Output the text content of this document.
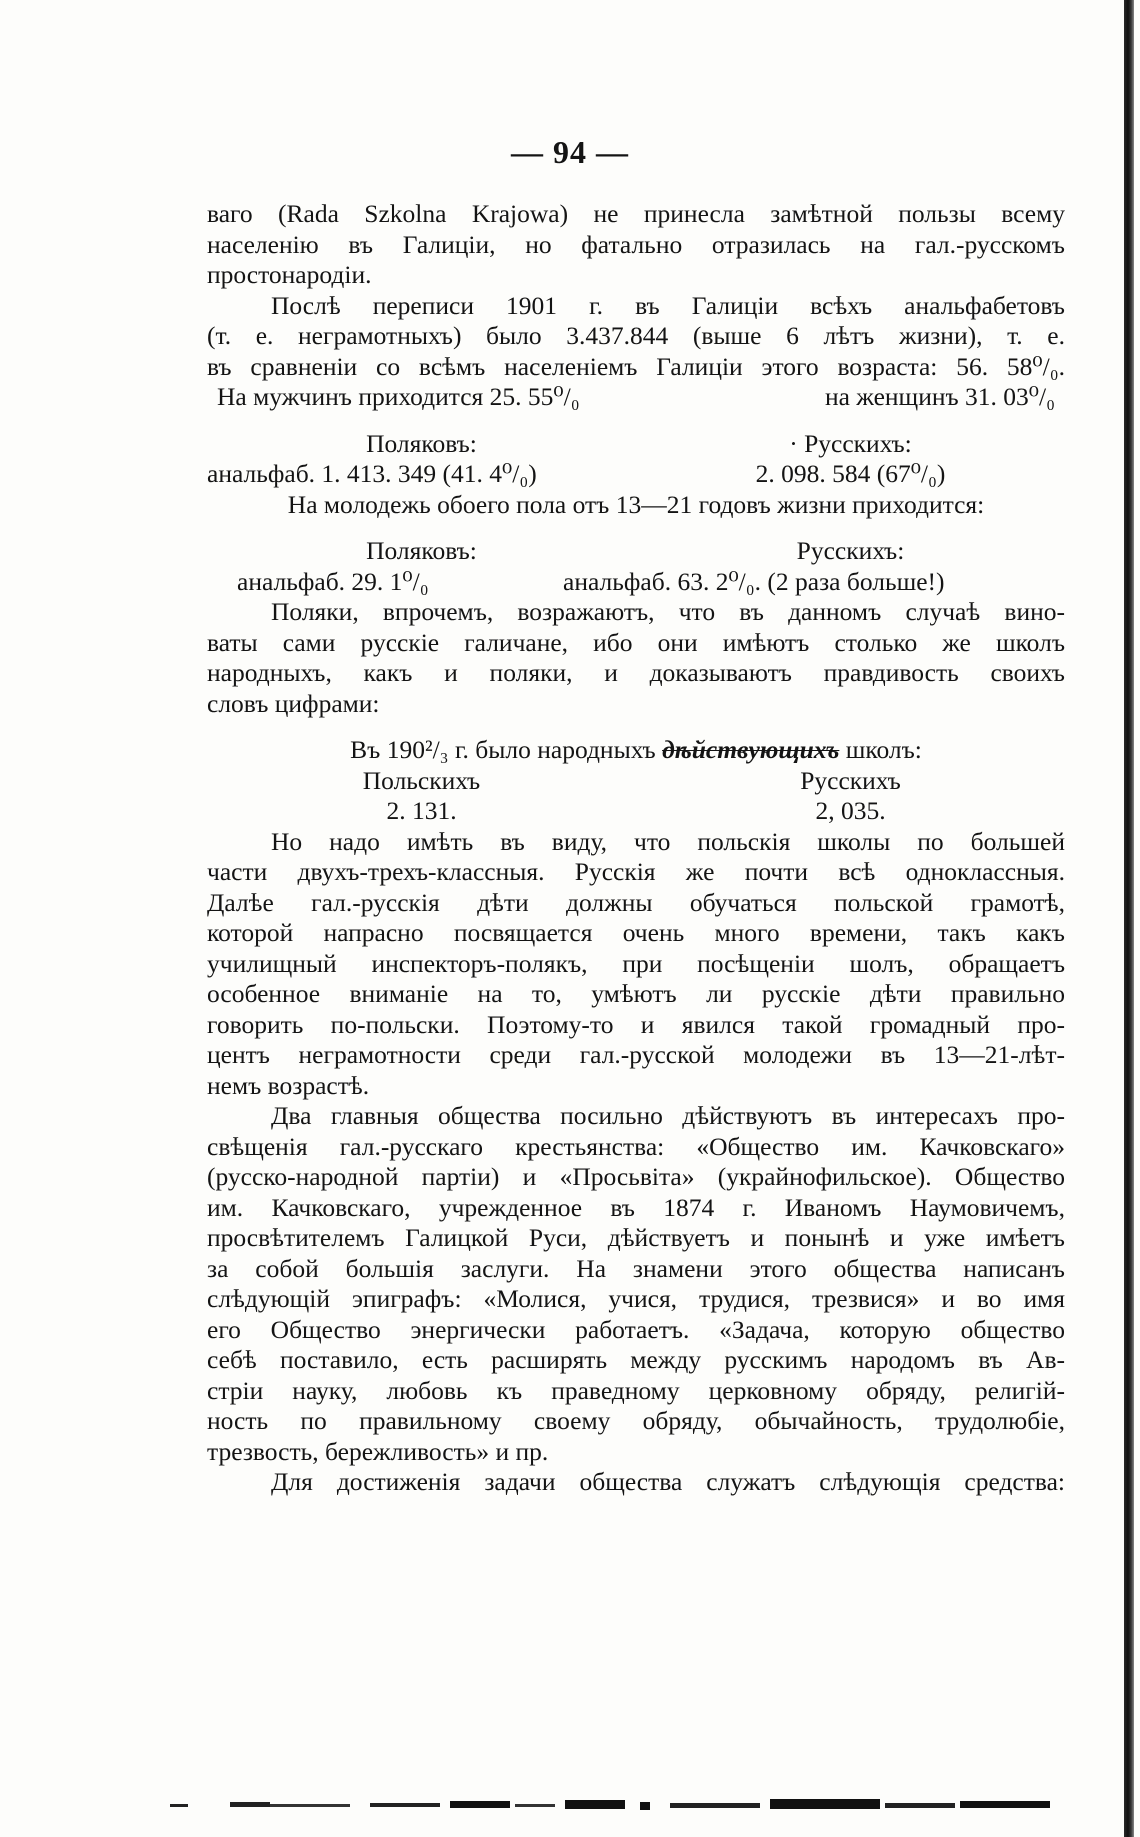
— 94 —
ваго (Rada Szkolna Krajowa) не принесла замѣтной пользы всему
населенію въ Галиціи, но фатально отразилась на гал.-русскомъ
простонародіи.
Послѣ переписи 1901 г. въ Галиціи всѣхъ анальфабетовъ
(т. е. неграмотныхъ) было 3.437.844 (выше 6 лѣтъ жизни), т. е.
въ сравненіи со всѣмъ населеніемъ Галиціи этого возраста: 56. 58⁰/₀.
На мужчинъ приходится 25. 55⁰/₀	на женщинъ 31. 03⁰/₀
Поляковъ:	· Русскихъ:
анальфаб. 1. 413. 349 (41. 4⁰/₀)	2. 098. 584 (67⁰/₀)
На молодежь обоего пола отъ 13—21 годовъ жизни приходится:
Поляковъ:	Русскихъ:
анальфаб. 29. 1⁰/₀	анальфаб. 63. 2⁰/₀. (2 раза больше!)
Поляки, впрочемъ, возражаютъ, что въ данномъ случаѣ вино-
ваты сами русскіе галичане, ибо они имѣютъ столько же школъ
народныхъ, какъ и поляки, и доказываютъ правдивость своихъ
словъ цифрами:
Въ 190²/₃ г. было народныхъ дѣйствующихъ школъ:
Польскихъ	Русскихъ
2. 131.	2, 035.
Но надо имѣть въ виду, что польскія школы по большей
части двухъ-трехъ-классныя. Русскія же почти всѣ одноклассныя.
Далѣе гал.-русскія дѣти должны обучаться польской грамотѣ,
которой напрасно посвящается очень много времени, такъ какъ
училищный инспекторъ-полякъ, при посѣщеніи шолъ, обращаетъ
особенное вниманіе на то, умѣютъ ли русскіе дѣти правильно
говорить по-польски. Поэтому-то и явился такой громадный про-
центъ неграмотности среди гал.-русской молодежи въ 13—21-лѣт-
немъ возрастѣ.
Два главныя общества посильно дѣйствуютъ въ интересахъ про-
свѣщенія гал.-русскаго крестьянства: «Общество им. Качковскаго»
(русско-народной партіи) и «Просьвіта» (украйнофильское). Общество
им. Качковскаго, учрежденное въ 1874 г. Иваномъ Наумовичемъ,
просвѣтителемъ Галицкой Руси, дѣйствуетъ и понынѣ и уже имѣетъ
за собой большія заслуги. На знамени этого общества написанъ
слѣдующій эпиграфъ: «Молися, учися, трудися, трезвися» и во имя
его Общество энергически работаетъ. «Задача, которую общество
себѣ поставило, есть расширять между русскимъ народомъ въ Ав-
стріи науку, любовь къ праведному церковному обряду, религій-
ность по правильному своему обряду, обычайность, трудолюбіе,
трезвость, бережливость» и пр.
Для достиженія задачи общества служатъ слѣдующія средства:
